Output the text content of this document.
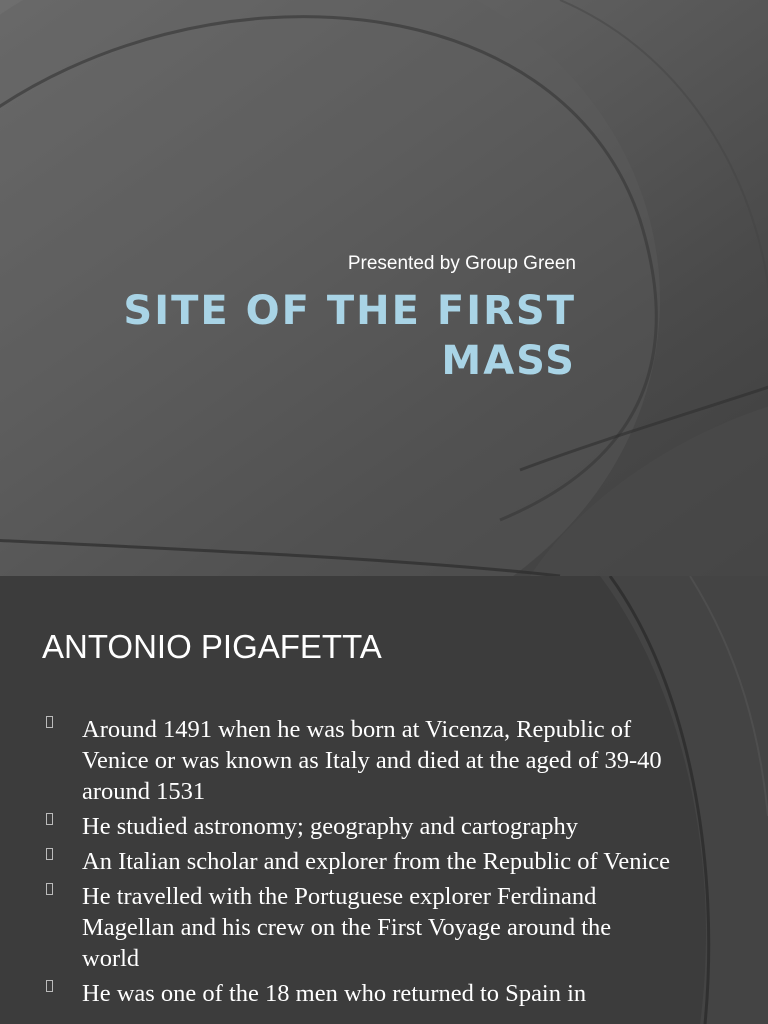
Presented by Group Green
SITE OF THE FIRST MASS
ANTONIO PIGAFETTA
Around 1491 when he was born at Vicenza, Republic of Venice or was known as Italy and died at the aged of 39-40 around 1531
He studied astronomy; geography and cartography
An Italian scholar and explorer from the Republic of Venice
He travelled with the Portuguese explorer Ferdinand Magellan and his crew on the First Voyage around the world
He was one of the 18 men who returned to Spain in
